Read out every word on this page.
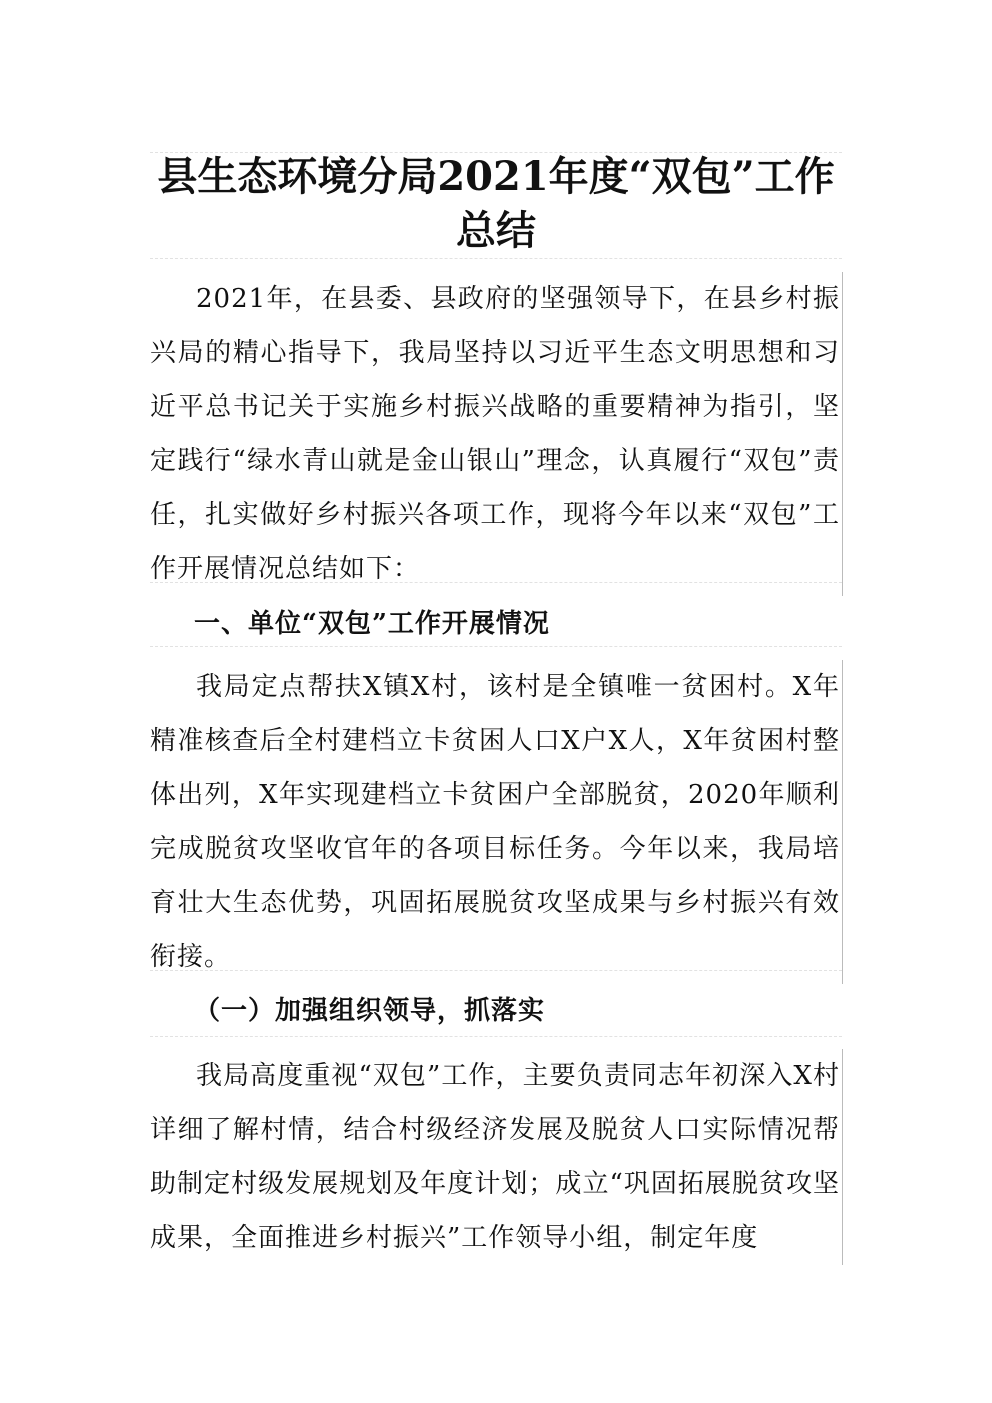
县生态环境分局2021年度“双包”工作总结

2021年，在县委、县政府的坚强领导下，在县乡村振兴局的精心指导下，我局坚持以习近平生态文明思想和习近平总书记关于实施乡村振兴战略的重要精神为指引，坚定践行“绿水青山就是金山银山”理念，认真履行“双包”责任，扎实做好乡村振兴各项工作，现将今年以来“双包”工作开展情况总结如下：

一、单位“双包”工作开展情况

我局定点帮扶X镇X村，该村是全镇唯一贫困村。X年精准核查后全村建档立卡贫困人口X户X人，X年贫困村整体出列，X年实现建档立卡贫困户全部脱贫，2020年顺利完成脱贫攻坚收官年的各项目标任务。今年以来，我局培育壮大生态优势，巩固拓展脱贫攻坚成果与乡村振兴有效衔接。

（一）加强组织领导，抓落实

我局高度重视“双包”工作，主要负责同志年初深入X村详细了解村情，结合村级经济发展及脱贫人口实际情况帮助制定村级发展规划及年度计划；成立“巩固拓展脱贫攻坚成果，全面推进乡村振兴”工作领导小组，制定年度
